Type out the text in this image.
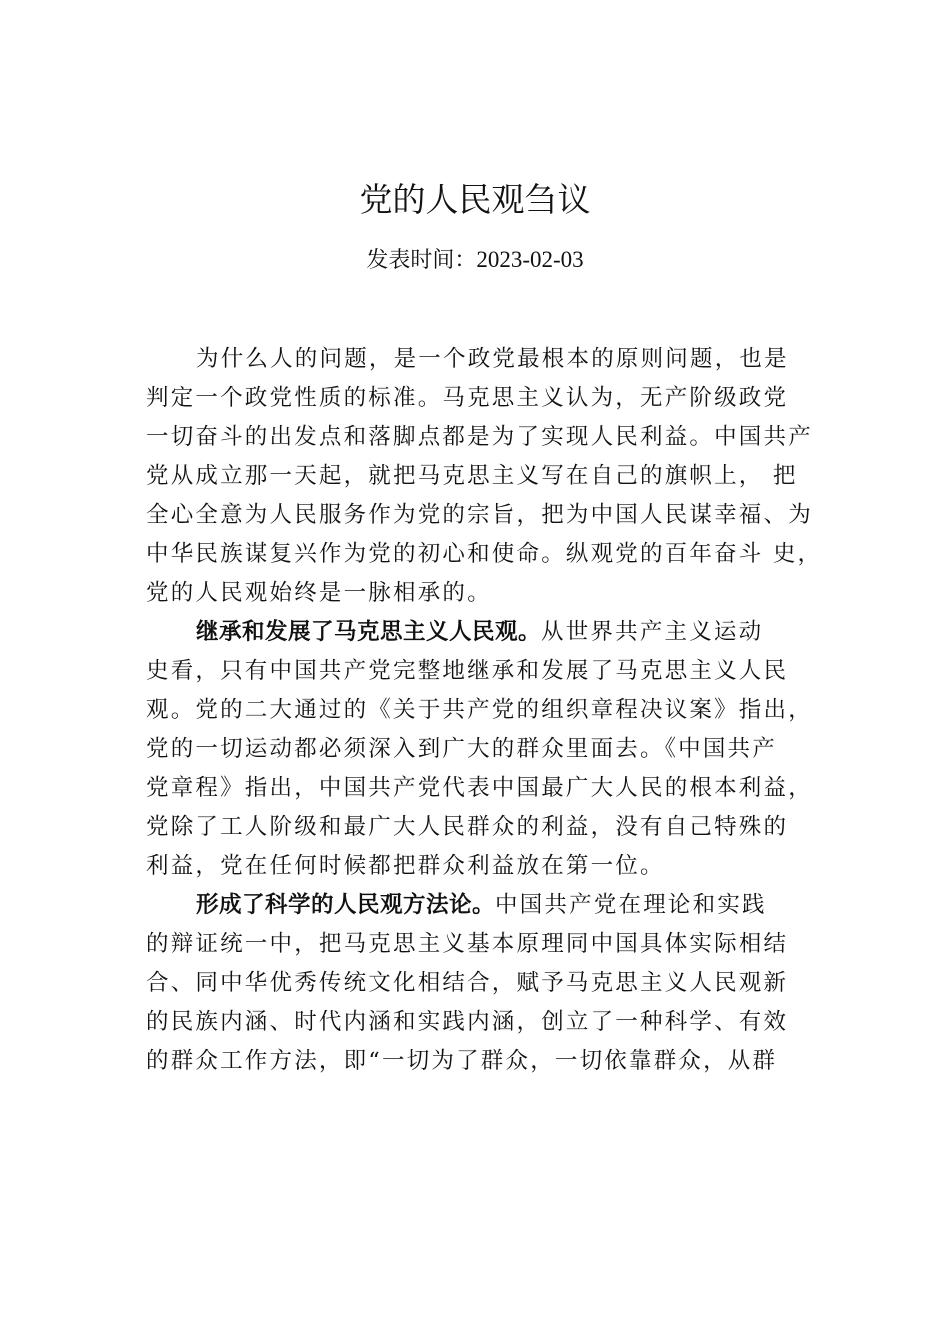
党的人民观刍议
发表时间：2023-02-03
为什么人的问题，是一个政党最根本的原则问题，也是
判定一个政党性质的标准。马克思主义认为，无产阶级政党
一切奋斗的出发点和落脚点都是为了实现人民利益。中国共产
党从成立那一天起，就把马克思主义写在自己的旗帜上， 把
全心全意为人民服务作为党的宗旨，把为中国人民谋幸福、为
中华民族谋复兴作为党的初心和使命。纵观党的百年奋斗 史，
党的人民观始终是一脉相承的。
继承和发展了马克思主义人民观。从世界共产主义运动
史看，只有中国共产党完整地继承和发展了马克思主义人民
观。党的二大通过的《关于共产党的组织章程决议案》指出，
党的一切运动都必须深入到广大的群众里面去。《中国共产
党章程》指出，中国共产党代表中国最广大人民的根本利益，
党除了工人阶级和最广大人民群众的利益，没有自己特殊的
利益，党在任何时候都把群众利益放在第一位。
形成了科学的人民观方法论。中国共产党在理论和实践
的辩证统一中，把马克思主义基本原理同中国具体实际相结
合、同中华优秀传统文化相结合，赋予马克思主义人民观新
的民族内涵、时代内涵和实践内涵，创立了一种科学、有效
的群众工作方法，即“一切为了群众，一切依靠群众，从群
